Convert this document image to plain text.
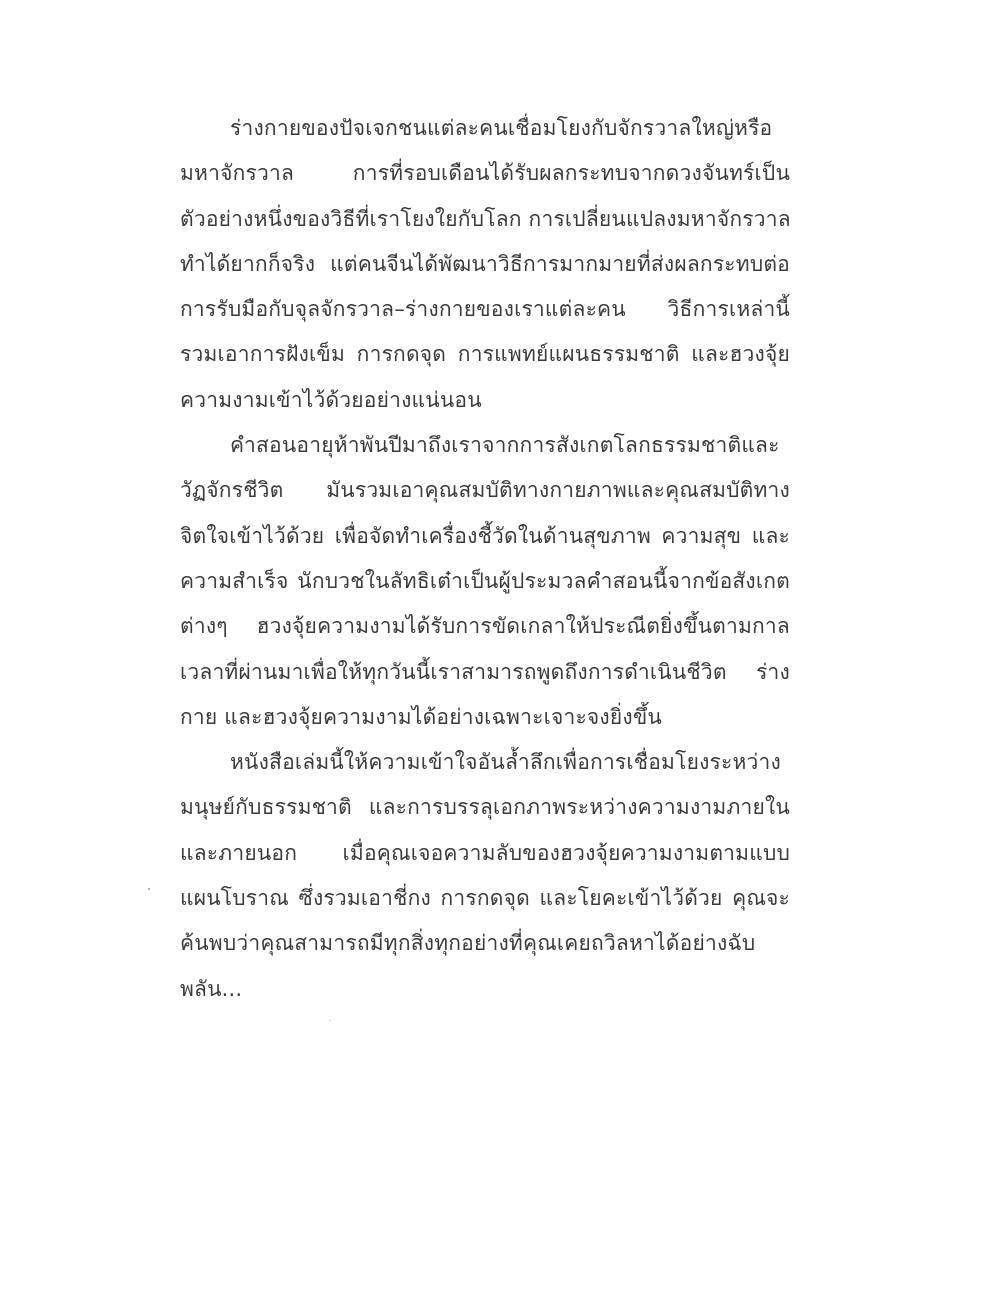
ร่างกายของปัจเจกชนแต่ละคนเชื่อมโยงกับจักรวาลใหญ่หรือ
มหาจักรวาล การที่รอบเดือนได้รับผลกระทบจากดวงจันทร์เป็น
ตัวอย่างหนึ่งของวิธีที่เราโยงใยกับโลก การเปลี่ยนแปลงมหาจักรวาล
ทำได้ยากก็จริง แต่คนจีนได้พัฒนาวิธีการมากมายที่ส่งผลกระทบต่อ
การรับมือกับจุลจักรวาล–ร่างกายของเราแต่ละคน วิธีการเหล่านี้
รวมเอาการฝังเข็ม การกดจุด การแพทย์แผนธรรมชาติ และฮวงจุ้ย
ความงามเข้าไว้ด้วยอย่างแน่นอน

คำสอนอายุห้าพันปีมาถึงเราจากการสังเกตโลกธรรมชาติและ
วัฏจักรชีวิต มันรวมเอาคุณสมบัติทางกายภาพและคุณสมบัติทาง
จิตใจเข้าไว้ด้วย เพื่อจัดทำเครื่องชี้วัดในด้านสุขภาพ ความสุข และ
ความสำเร็จ นักบวชในลัทธิเต๋าเป็นผู้ประมวลคำสอนนี้จากข้อสังเกต
ต่างๆ ฮวงจุ้ยความงามได้รับการขัดเกลาให้ประณีตยิ่งขึ้นตามกาล
เวลาที่ผ่านมาเพื่อให้ทุกวันนี้เราสามารถพูดถึงการดำเนินชีวิต ร่าง
กาย และฮวงจุ้ยความงามได้อย่างเฉพาะเจาะจงยิ่งขึ้น

หนังสือเล่มนี้ให้ความเข้าใจอันล้ำลึกเพื่อการเชื่อมโยงระหว่าง
มนุษย์กับธรรมชาติ และการบรรลุเอกภาพระหว่างความงามภายใน
และภายนอก เมื่อคุณเจอความลับของฮวงจุ้ยความงามตามแบบ
แผนโบราณ ซึ่งรวมเอาชี่กง การกดจุด และโยคะเข้าไว้ด้วย คุณจะ
ค้นพบว่าคุณสามารถมีทุกสิ่งทุกอย่างที่คุณเคยถวิลหาได้อย่างฉับ
พลัน...
